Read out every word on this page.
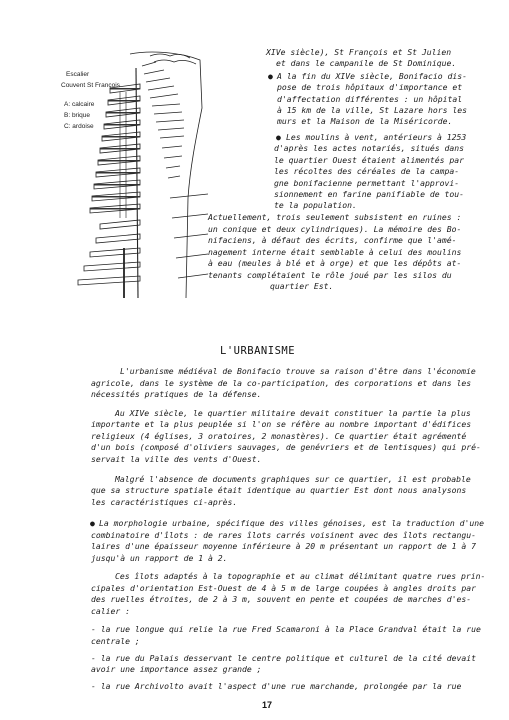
Escalier
Couvent St François
A: calcaire
B: brique
C: ardoise
XIVe siècle), St François et St Julien
et dans le campanile de St Dominique.
● A la fin du XIVe siècle, Bonifacio dis-
pose de trois hôpitaux d'importance et
d'affectation différentes : un hôpital
à 15 km de la ville, St Lazare hors les
murs et la Maison de la Miséricorde.
● Les moulins à vent, antérieurs à 1253
d'après les actes notariés, situés dans
le quartier Ouest étaient alimentés par
les récoltes des céréales de la campa-
gne bonifacienne permettant l'approvi-
sionnement en farine panifiable de tou-
te la population.
Actuellement, trois seulement subsistent en ruines :
un conique et deux cylindriques). La mémoire des Bo-
nifaciens, à défaut des écrits, confirme que l'amé-
nagement interne était semblable à celui des moulins
à eau (meules à blé et à orge) et que les dépôts at-
tenants complétaient le rôle joué par les silos du
quartier Est.
L'URBANISME
L'urbanisme médiéval de Bonifacio trouve sa raison d'être dans l'économie
agricole, dans le système de la co-participation, des corporations et dans les
nécessités pratiques de la défense.
Au XIVe siècle, le quartier militaire devait constituer la partie la plus
importante et la plus peuplée si l'on se réfère au nombre important d'édifices
religieux (4 églises, 3 oratoires, 2 monastères). Ce quartier était agrémenté
d'un bois (composé d'oliviers sauvages, de genévriers et de lentisques) qui pré-
servait la ville des vents d'Ouest.
Malgré l'absence de documents graphiques sur ce quartier, il est probable
que sa structure spatiale était identique au quartier Est dont nous analysons
les caractéristiques ci-après.
● La morphologie urbaine, spécifique des villes génoises, est la traduction d'une
combinatoire d'îlots : de rares îlots carrés voisinent avec des îlots rectangu-
laires d'une épaisseur moyenne inférieure à 20 m présentant un rapport de 1 à 7
jusqu'à un rapport de 1 à 2.
Ces îlots adaptés à la topographie et au climat délimitant quatre rues prin-
cipales d'orientation Est-Ouest de 4 à 5 m de large coupées à angles droits par
des ruelles étroites, de 2 à 3 m, souvent en pente et coupées de marches d'es-
calier :
- la rue longue qui relie la rue Fred Scamaroni à la Place Grandval était la rue
centrale ;
- la rue du Palais desservant le centre politique et culturel de la cité devait
avoir une importance assez grande ;
- la rue Archivolto avait l'aspect d'une rue marchande, prolongée par la rue
17
